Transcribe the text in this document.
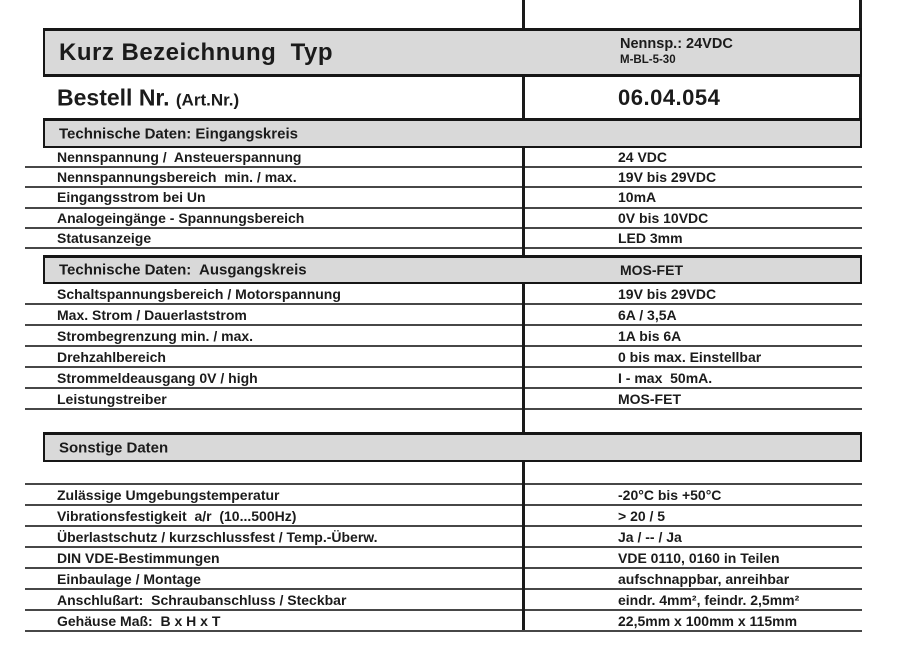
Kurz Bezeichnung  Typ	Nennsp.: 24VDC
M-BL-5-30
Bestell Nr. (Art.Nr.)	06.04.054
Technische Daten: Eingangskreis
Nennspannung /  Ansteuerspannung	24 VDC
Nennspannungsbereich  min. / max.	19V bis 29VDC
Eingangsstrom bei Un	10mA
Analogeingänge - Spannungsbereich	0V bis 10VDC
Statusanzeige	LED 3mm
Technische Daten:  Ausgangskreis	MOS-FET
Schaltspannungsbereich / Motorspannung	19V bis 29VDC
Max. Strom / Dauerlaststrom	6A / 3,5A
Strombegrenzung min. / max.	1A bis 6A
Drehzahlbereich	0 bis max. Einstellbar
Strommeldeausgang 0V / high	I - max  50mA.
Leistungstreiber	MOS-FET
Sonstige Daten
Zulässige Umgebungstemperatur	-20°C bis +50°C
Vibrationsfestigkeit  a/r  (10...500Hz)	> 20 / 5
Überlastschutz / kurzschlussfest / Temp.-Überw.	Ja / -- / Ja
DIN VDE-Bestimmungen	VDE 0110, 0160 in Teilen
Einbaulage / Montage	aufschnappbar, anreihbar
Anschlußart:  Schraubanschluss / Steckbar	eindr. 4mm², feindr. 2,5mm²
Gehäuse Maß:  B x H x T	22,5mm x 100mm x 115mm
